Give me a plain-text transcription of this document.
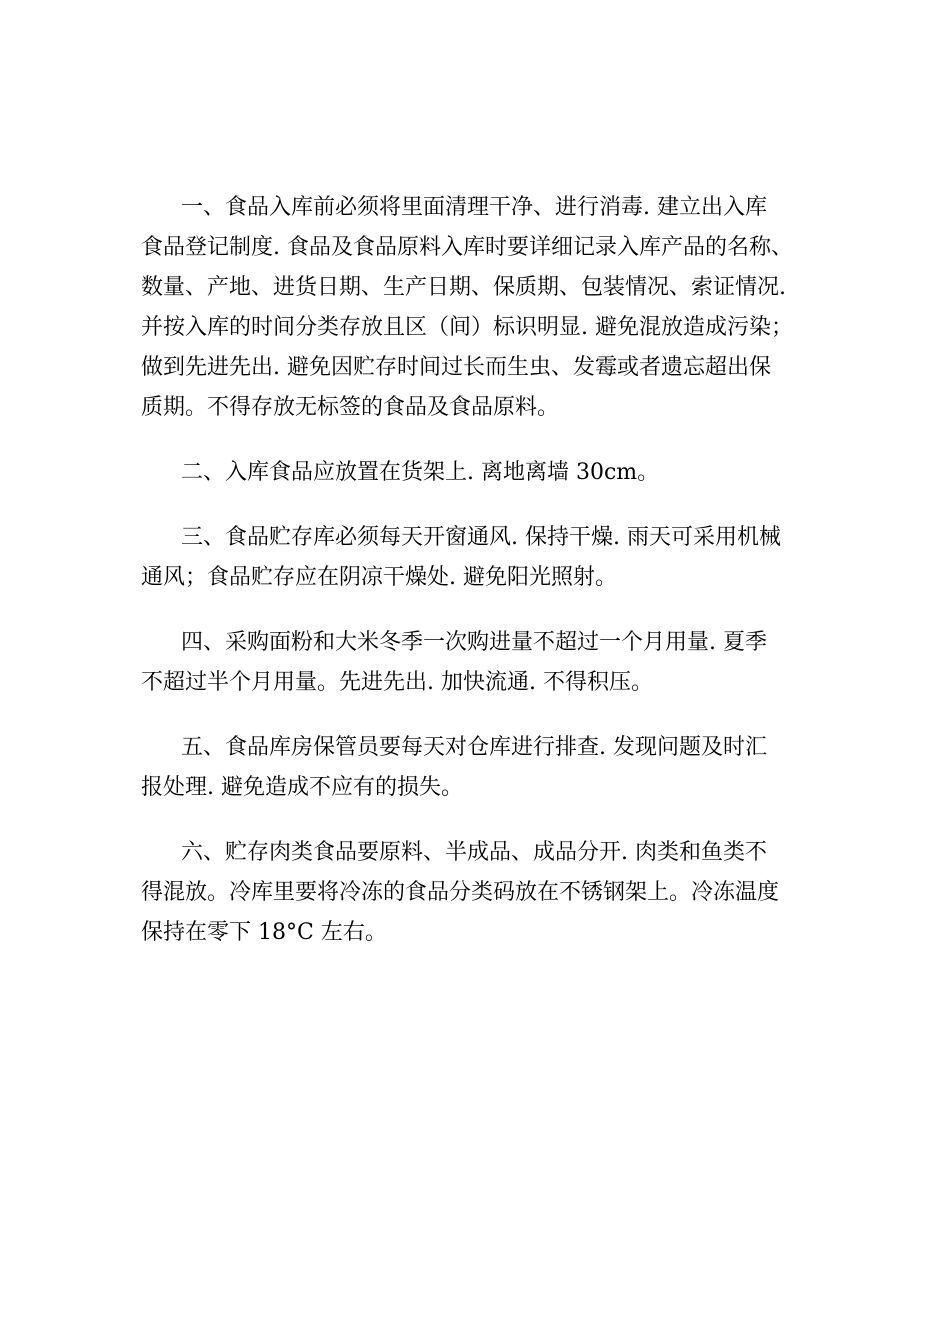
一、食品入库前必须将里面清理干净、进行消毒. 建立出入库
食品登记制度. 食品及食品原料入库时要详细记录入库产品的名称、
数量、产地、进货日期、生产日期、保质期、包装情况、索证情况.
并按入库的时间分类存放且区（间）标识明显. 避免混放造成污染；
做到先进先出. 避免因贮存时间过长而生虫、发霉或者遗忘超出保
质期。不得存放无标签的食品及食品原料。

二、入库食品应放置在货架上. 离地离墙 30cm。

三、食品贮存库必须每天开窗通风. 保持干燥. 雨天可采用机械
通风；食品贮存应在阴凉干燥处. 避免阳光照射。

四、采购面粉和大米冬季一次购进量不超过一个月用量. 夏季
不超过半个月用量。先进先出. 加快流通. 不得积压。

五、食品库房保管员要每天对仓库进行排查. 发现问题及时汇
报处理. 避免造成不应有的损失。

六、贮存肉类食品要原料、半成品、成品分开. 肉类和鱼类不
得混放。冷库里要将冷冻的食品分类码放在不锈钢架上。冷冻温度
保持在零下 18°C 左右。
